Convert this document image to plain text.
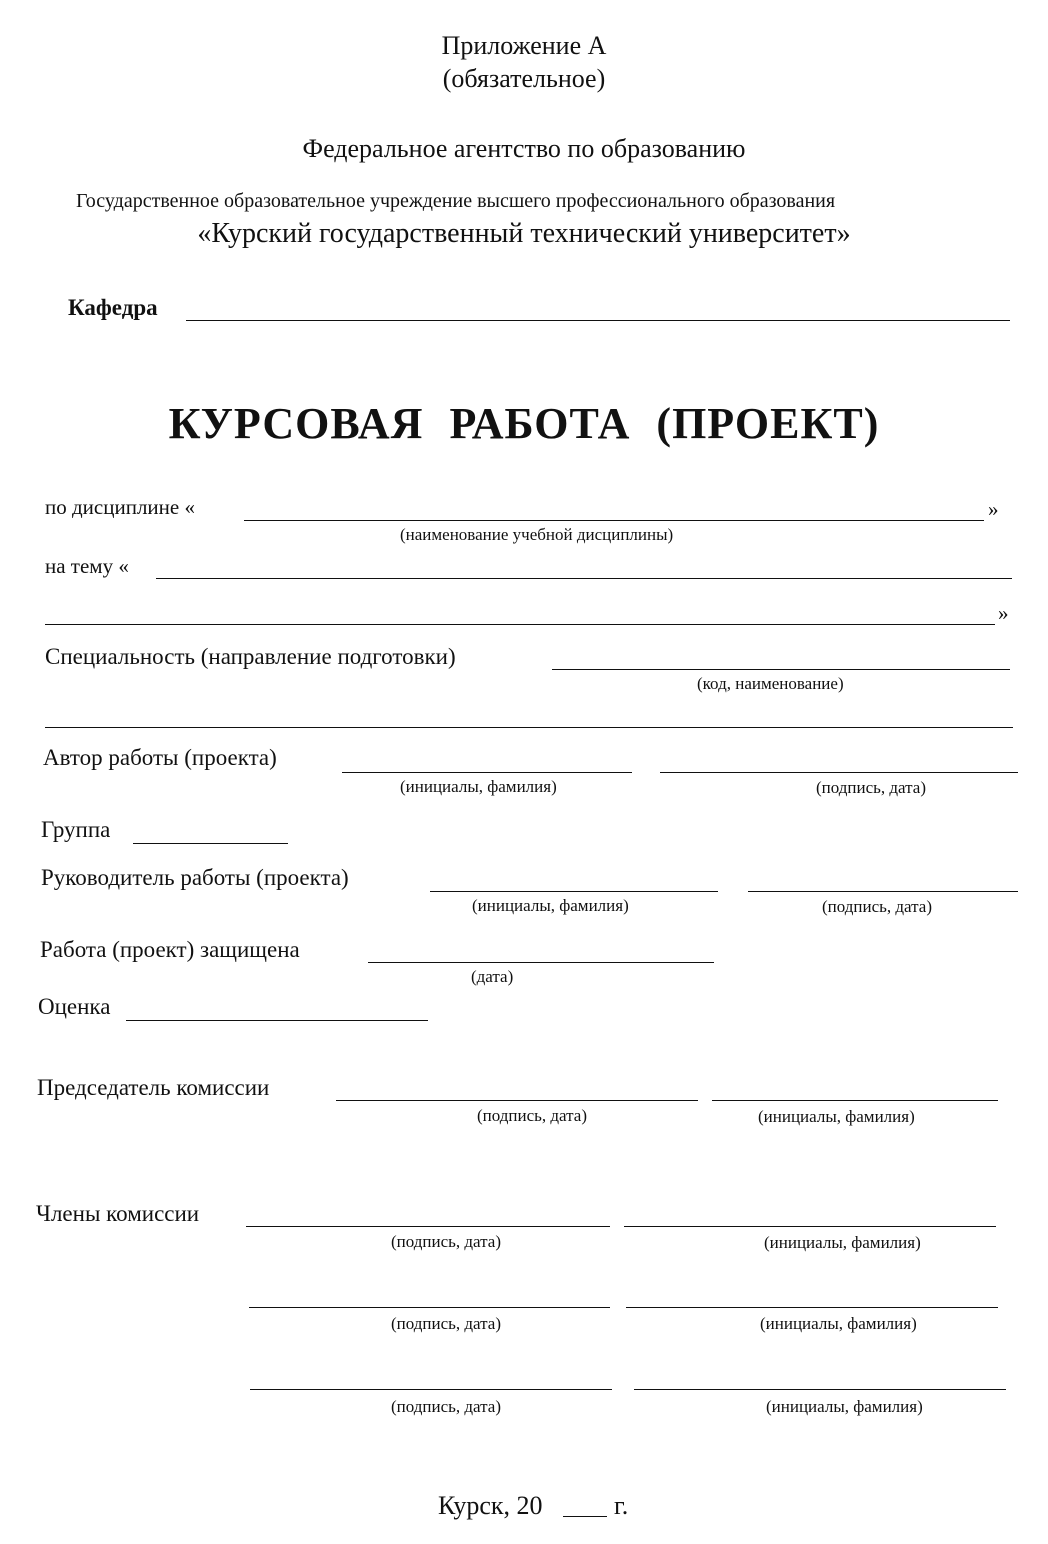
Приложение А
(обязательное)
Федеральное агентство по образованию
Государственное образовательное учреждение высшего профессионального образования
«Курский государственный технический университет»
Кафедра
КУРСОВАЯ РАБОТА (ПРОЕКТ)
по дисциплине «	»
(наименование учебной дисциплины)
на тему «
»
Специальность (направление подготовки)
(код, наименование)
Автор работы (проекта)
(инициалы, фамилия)	(подпись, дата)
Группа
Руководитель работы (проекта)
(инициалы, фамилия)	(подпись, дата)
Работа (проект) защищена
(дата)
Оценка
Председатель комиссии
(подпись, дата)	(инициалы, фамилия)
Члены комиссии
(подпись, дата)	(инициалы, фамилия)
(подпись, дата)	(инициалы, фамилия)
(подпись, дата)	(инициалы, фамилия)
Курск, 20	г.
